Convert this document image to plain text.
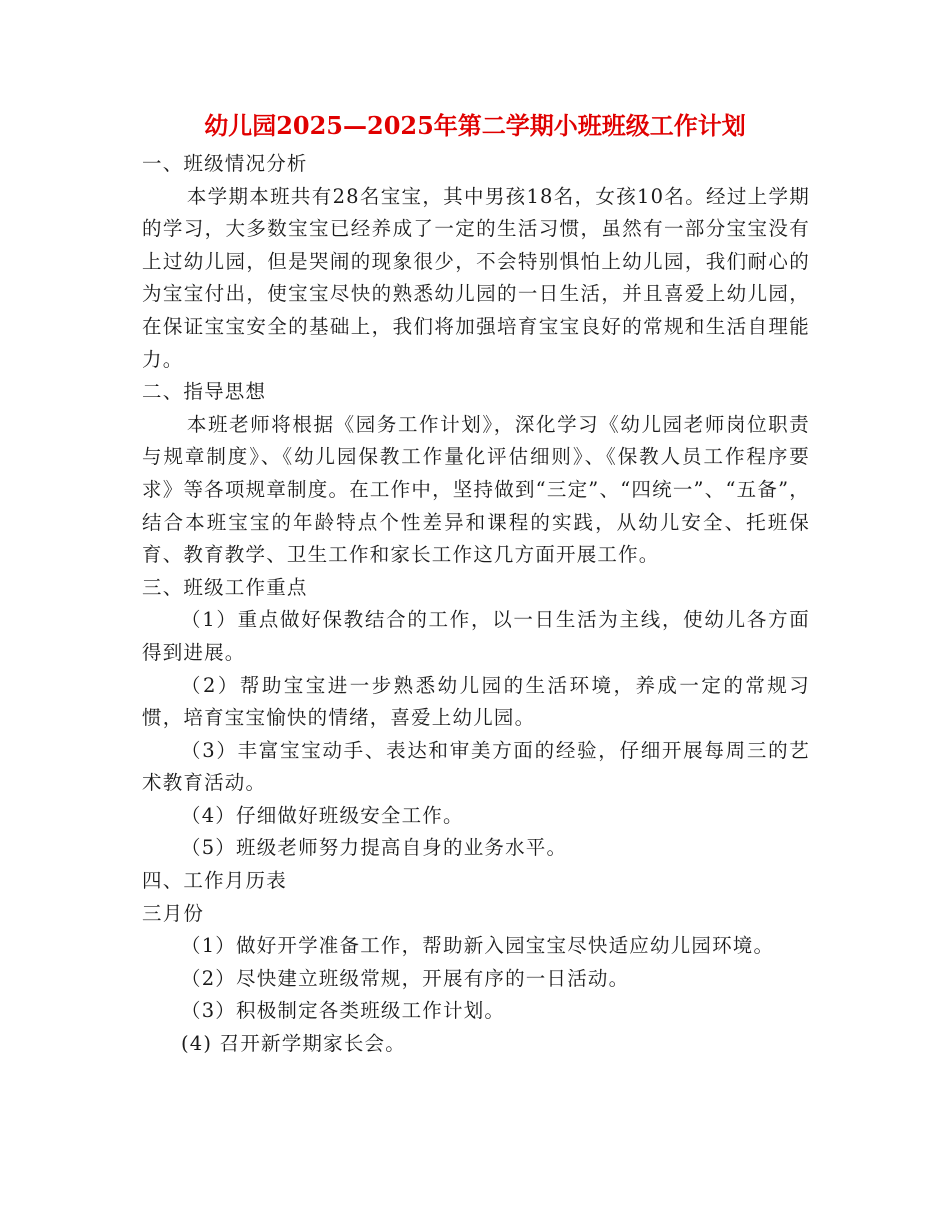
幼儿园2025—2025年第二学期小班班级工作计划

一、班级情况分析

本学期本班共有28名宝宝，其中男孩18名，女孩10名。经过上学期的学习，大多数宝宝已经养成了一定的生活习惯，虽然有一部分宝宝没有上过幼儿园，但是哭闹的现象很少，不会特别惧怕上幼儿园，我们耐心的为宝宝付出，使宝宝尽快的熟悉幼儿园的一日生活，并且喜爱上幼儿园，在保证宝宝安全的基础上，我们将加强培育宝宝良好的常规和生活自理能力。

二、指导思想

本班老师将根据《园务工作计划》，深化学习《幼儿园老师岗位职责与规章制度》、《幼儿园保教工作量化评估细则》、《保教人员工作程序要求》等各项规章制度。在工作中，坚持做到“三定”、“四统一”、“五备”，结合本班宝宝的年龄特点个性差异和课程的实践，从幼儿安全、托班保育、教育教学、卫生工作和家长工作这几方面开展工作。

三、班级工作重点

（1）重点做好保教结合的工作，以一日生活为主线，使幼儿各方面得到进展。

（2）帮助宝宝进一步熟悉幼儿园的生活环境，养成一定的常规习惯，培育宝宝愉快的情绪，喜爱上幼儿园。

（3）丰富宝宝动手、表达和审美方面的经验，仔细开展每周三的艺术教育活动。

（4）仔细做好班级安全工作。

（5）班级老师努力提高自身的业务水平。

四、工作月历表

三月份

（1）做好开学准备工作，帮助新入园宝宝尽快适应幼儿园环境。

（2）尽快建立班级常规，开展有序的一日活动。

（3）积极制定各类班级工作计划。

(4) 召开新学期家长会。
